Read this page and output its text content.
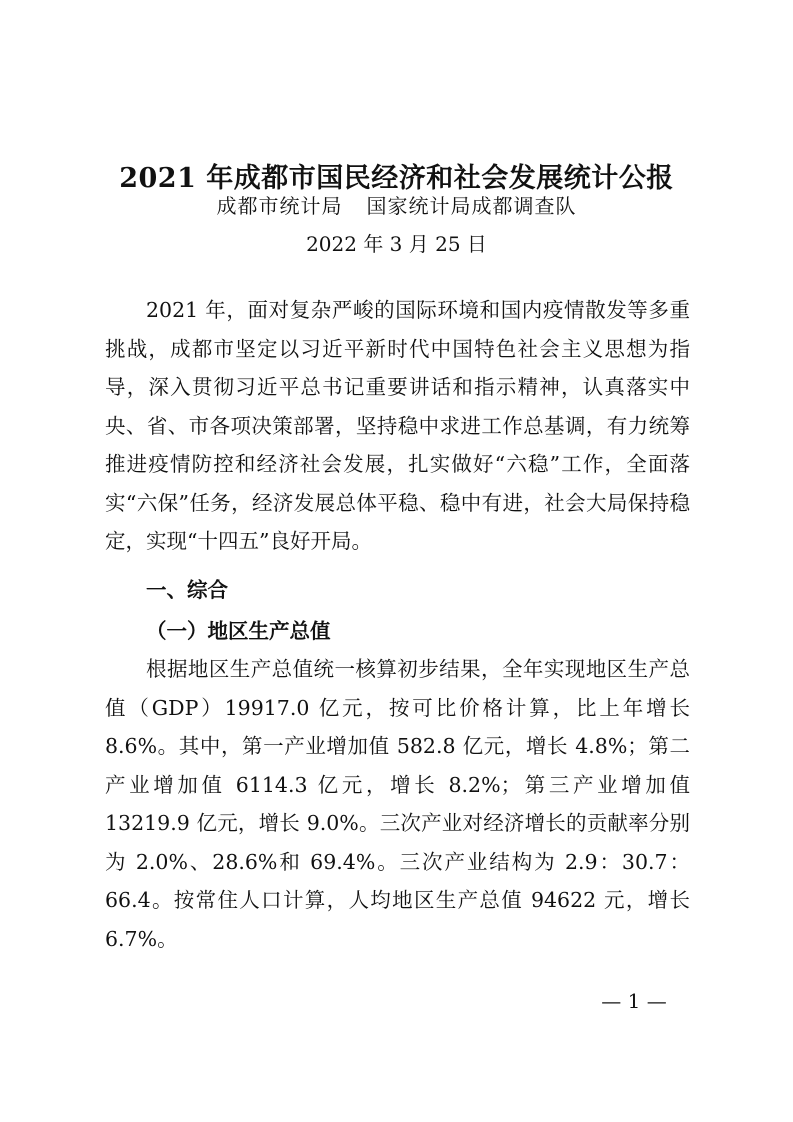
2021 年成都市国民经济和社会发展统计公报
成都市统计局 国家统计局成都调查队
2022 年 3 月 25 日

2021 年，面对复杂严峻的国际环境和国内疫情散发等多重挑战，成都市坚定以习近平新时代中国特色社会主义思想为指导，深入贯彻习近平总书记重要讲话和指示精神，认真落实中央、省、市各项决策部署，坚持稳中求进工作总基调，有力统筹推进疫情防控和经济社会发展，扎实做好“六稳”工作，全面落实“六保”任务，经济发展总体平稳、稳中有进，社会大局保持稳定，实现“十四五”良好开局。

一、综合
（一）地区生产总值

根据地区生产总值统一核算初步结果，全年实现地区生产总值（GDP）19917.0 亿元，按可比价格计算，比上年增长 8.6%。其中，第一产业增加值 582.8 亿元，增长 4.8%；第二产业增加值 6114.3 亿元，增长 8.2%；第三产业增加值 13219.9 亿元，增长 9.0%。三次产业对经济增长的贡献率分别为 2.0%、28.6%和 69.4%。三次产业结构为 2.9：30.7：66.4。按常住人口计算，人均地区生产总值 94622 元，增长 6.7%。

— 1 —
